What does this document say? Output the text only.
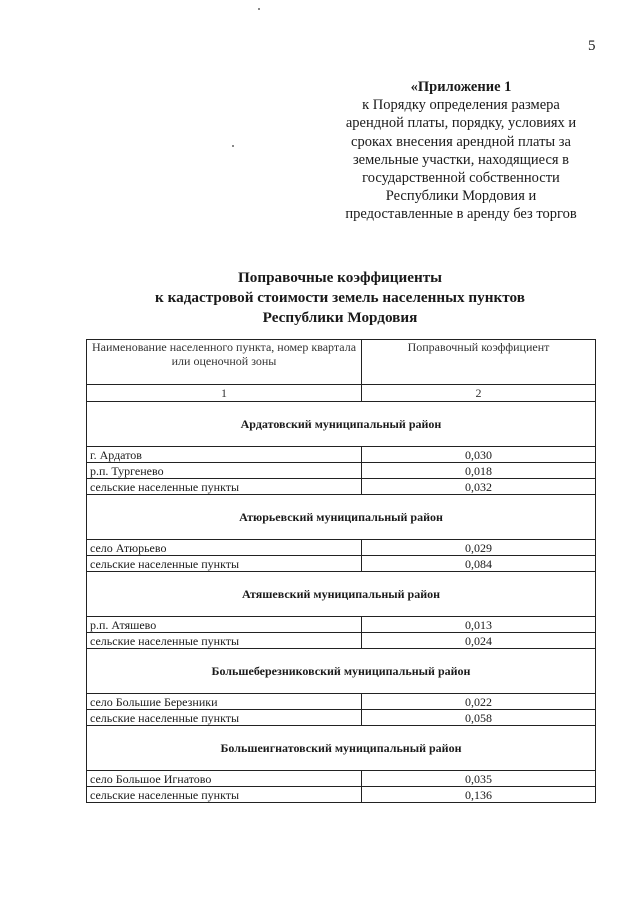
5
«Приложение 1
к Порядку определения размера
арендной платы, порядку, условиях и
сроках внесения арендной платы за
земельные участки, находящиеся в
государственной собственности
Республики Мордовия и
предоставленные в аренду без торгов
Поправочные коэффициенты
к кадастровой стоимости земель населенных пунктов
Республики Мордовия
Наименование населенного пункта, номер квартала или оценочной зоны	Поправочный коэффициент
1	2
Ардатовский муниципальный район	
г. Ардатов	0,030
р.п. Тургенево	0,018
сельские населенные пункты	0,032
Атюрьевский муниципальный район	
село Атюрьево	0,029
сельские населенные пункты	0,084
Атяшевский муниципальный район	
р.п. Атяшево	0,013
сельские населенные пункты	0,024
Большеберезниковский муниципальный район	
село Большие Березники	0,022
сельские населенные пункты	0,058
Большеигнатовский муниципальный район	
село Большое Игнатово	0,035
сельские населенные пункты	0,136
